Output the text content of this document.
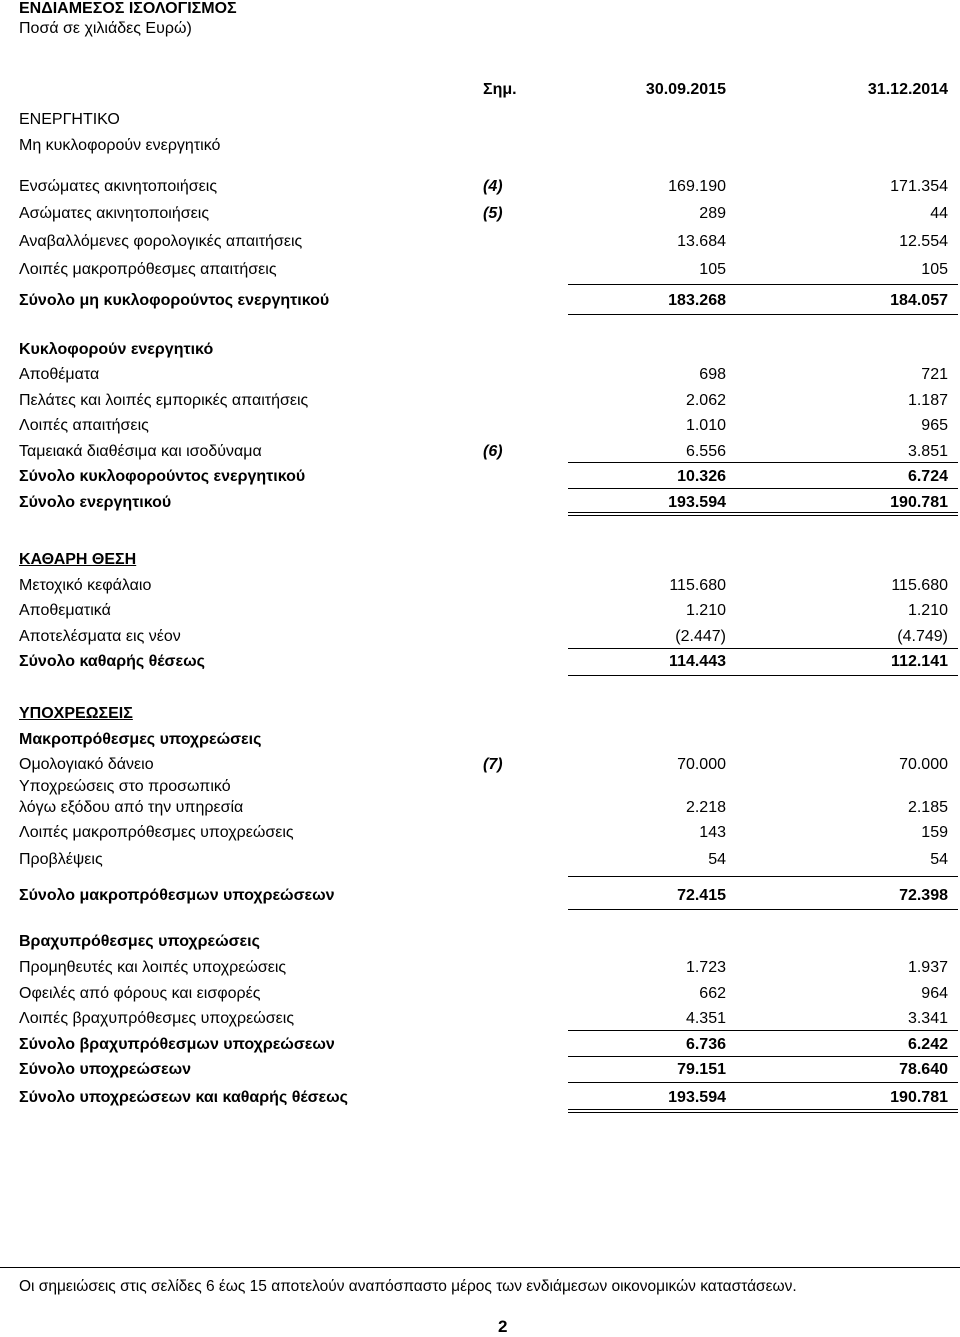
ΕΝΔΙΑΜΕΣΟΣ ΙΣΟΛΟΓΙΣΜΟΣ
Ποσά σε χιλιάδες Ευρώ)
Σημ.	30.09.2015	31.12.2014
ΕΝΕΡΓΗΤΙΚΟ
Μη κυκλοφορούν ενεργητικό
Ενσώματες ακινητοποιήσεις	(4)	169.190	171.354
Ασώματες ακινητοποιήσεις	(5)	289	44
Αναβαλλόμενες φορολογικές απαιτήσεις	13.684	12.554
Λοιπές μακροπρόθεσμες απαιτήσεις	105	105
Σύνολο μη κυκλοφορούντος ενεργητικού	183.268	184.057
Κυκλοφορούν ενεργητικό
Αποθέματα	698	721
Πελάτες και λοιπές εμπορικές απαιτήσεις	2.062	1.187
Λοιπές απαιτήσεις	1.010	965
Ταμειακά διαθέσιμα και ισοδύναμα	(6)	6.556	3.851
Σύνολο κυκλοφορούντος ενεργητικού	10.326	6.724
Σύνολο ενεργητικού	193.594	190.781
ΚΑΘΑΡΗ ΘΕΣΗ
Μετοχικό κεφάλαιο	115.680	115.680
Αποθεματικά	1.210	1.210
Αποτελέσματα εις νέον	(2.447)	(4.749)
Σύνολο καθαρής θέσεως	114.443	112.141
ΥΠΟΧΡΕΩΣΕΙΣ
Μακροπρόθεσμες υποχρεώσεις
Ομολογιακό δάνειο	(7)	70.000	70.000
Υποχρεώσεις στο προσωπικό
λόγω εξόδου από την υπηρεσία	2.218	2.185
Λοιπές μακροπρόθεσμες υποχρεώσεις	143	159
Προβλέψεις	54	54
Σύνολο μακροπρόθεσμων υποχρεώσεων	72.415	72.398
Βραχυπρόθεσμες υποχρεώσεις
Προμηθευτές και λοιπές υποχρεώσεις	1.723	1.937
Οφειλές από φόρους και εισφορές	662	964
Λοιπές βραχυπρόθεσμες υποχρεώσεις	4.351	3.341
Σύνολο βραχυπρόθεσμων υποχρεώσεων	6.736	6.242
Σύνολο υποχρεώσεων	79.151	78.640
Σύνολο υποχρεώσεων και καθαρής θέσεως	193.594	190.781
Οι σημειώσεις στις σελίδες 6 έως 15 αποτελούν αναπόσπαστο μέρος των ενδιάμεσων οικονομικών καταστάσεων.
2
